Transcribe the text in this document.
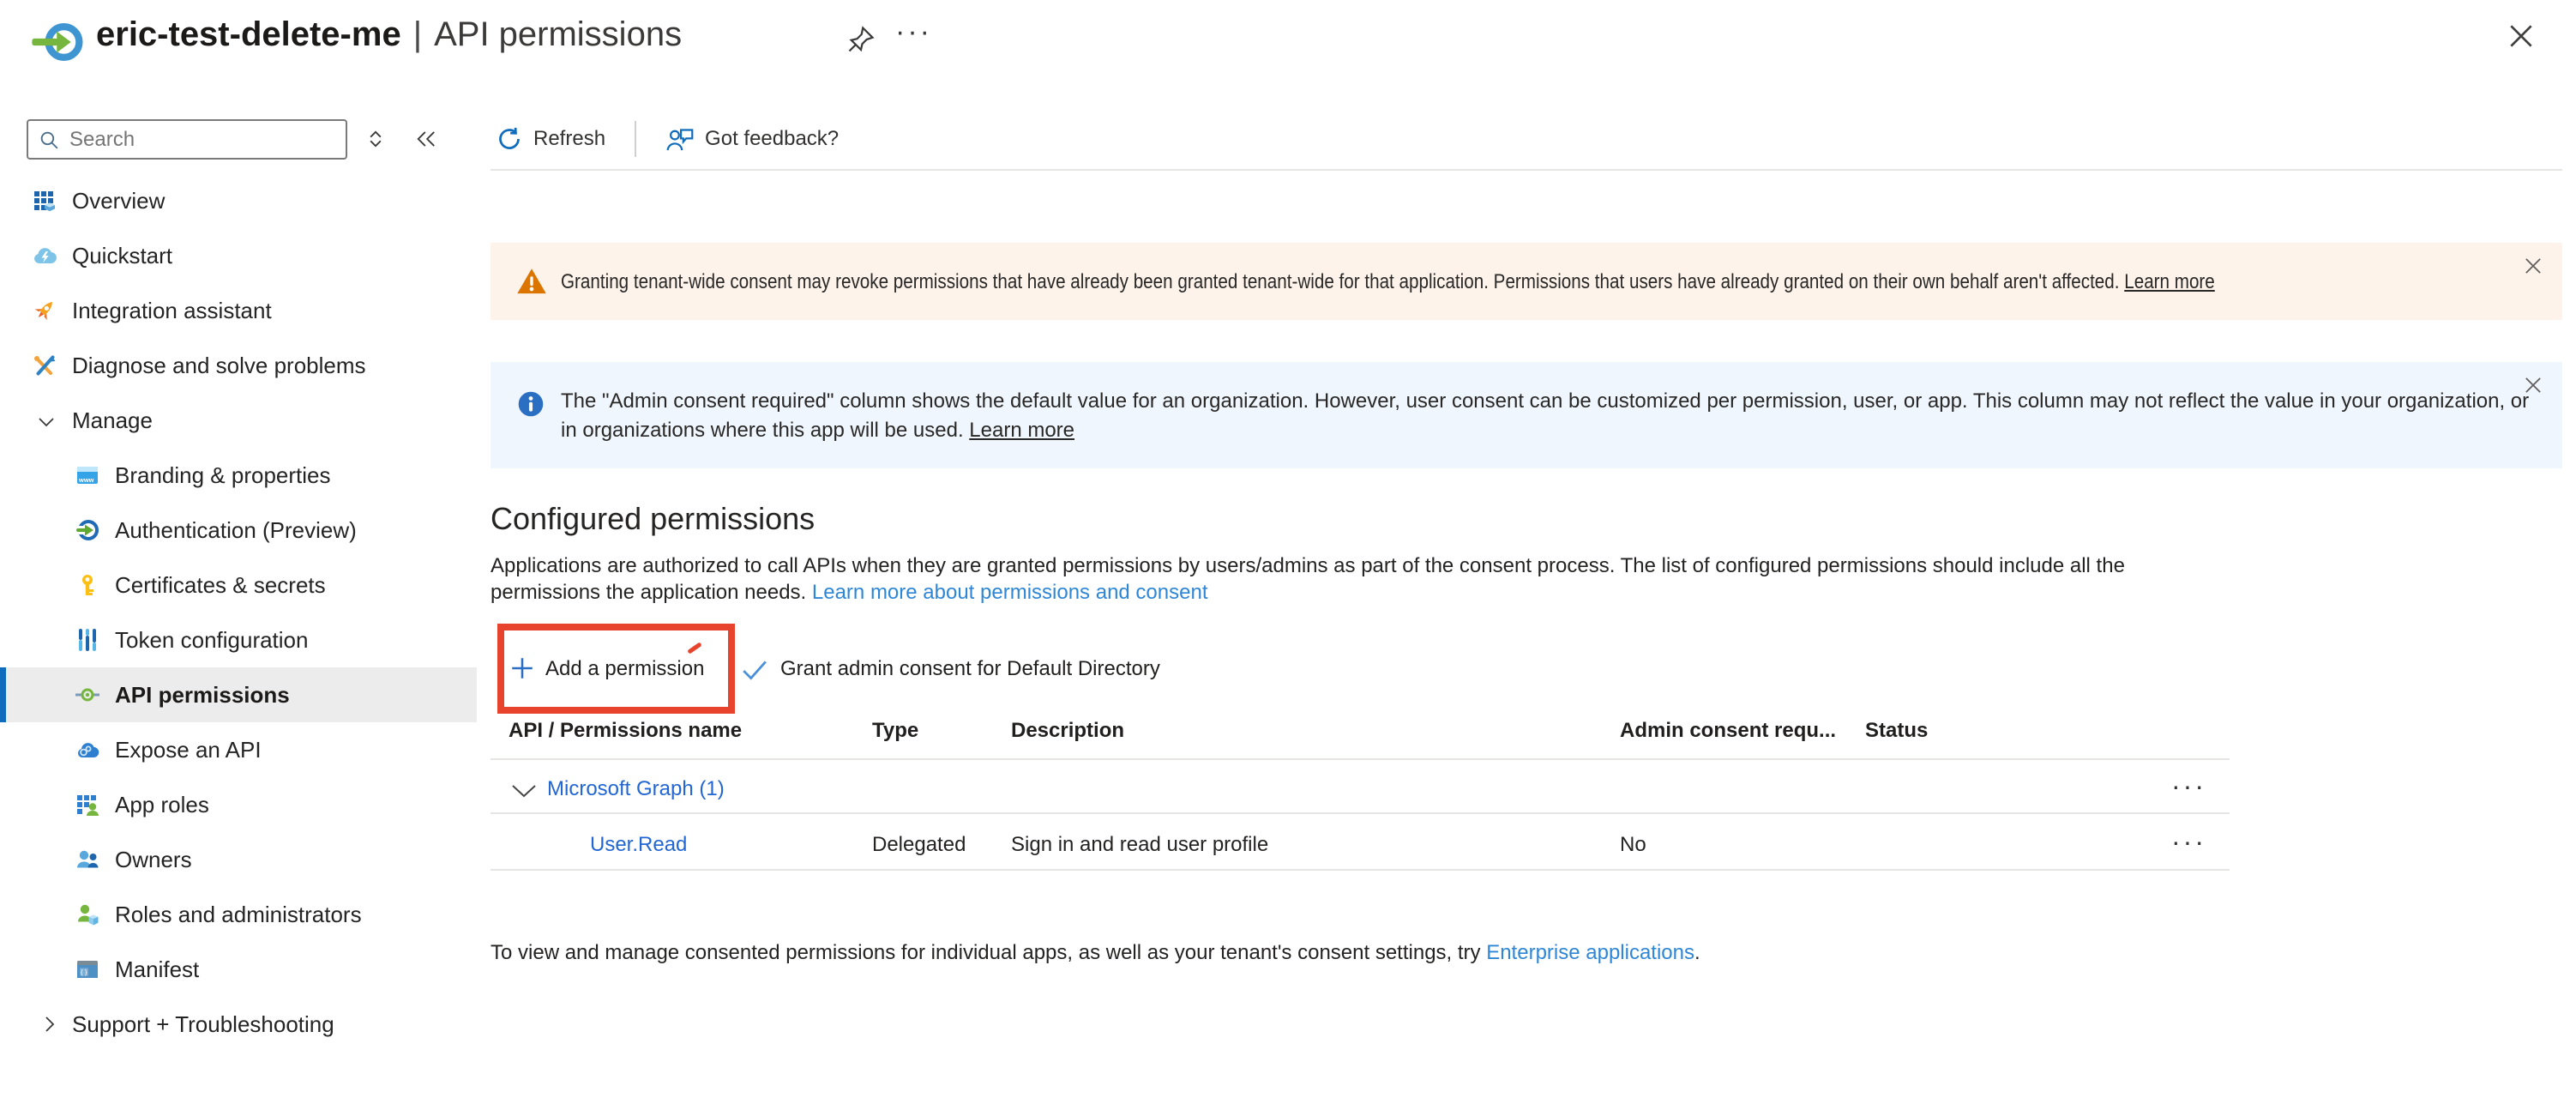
eric-test-delete-me | API permissions	···
Search
Overview
Quickstart
Integration assistant
Diagnose and solve problems
Manage
www Branding & properties
Authentication (Preview)
Certificates & secrets
Token configuration
API permissions
Expose an API
App roles
Owners
Roles and administrators
{ } Manifest
Support + Troubleshooting
Refresh	Got feedback?
Granting tenant-wide consent may revoke permissions that have already been granted tenant-wide for that application. Permissions that users have already granted on their own behalf aren't affected. Learn more
The "Admin consent required" column shows the default value for an organization. However, user consent can be customized per permission, user, or app. This column may not reflect the value in your organization, or in organizations where this app will be used. Learn more
Configured permissions

Applications are authorized to call APIs when they are granted permissions by users/admins as part of the consent process. The list of configured permissions should include all the permissions the application needs. Learn more about permissions and consent

Add a permission	Grant admin consent for Default Directory
API / Permissions name	Type	Description	Admin consent requ... Status
Microsoft Graph (1)	···
User.Read	Delegated Sign in and read user profile	No	···

To view and manage consented permissions for individual apps, as well as your tenant's consent settings, try Enterprise applications.
